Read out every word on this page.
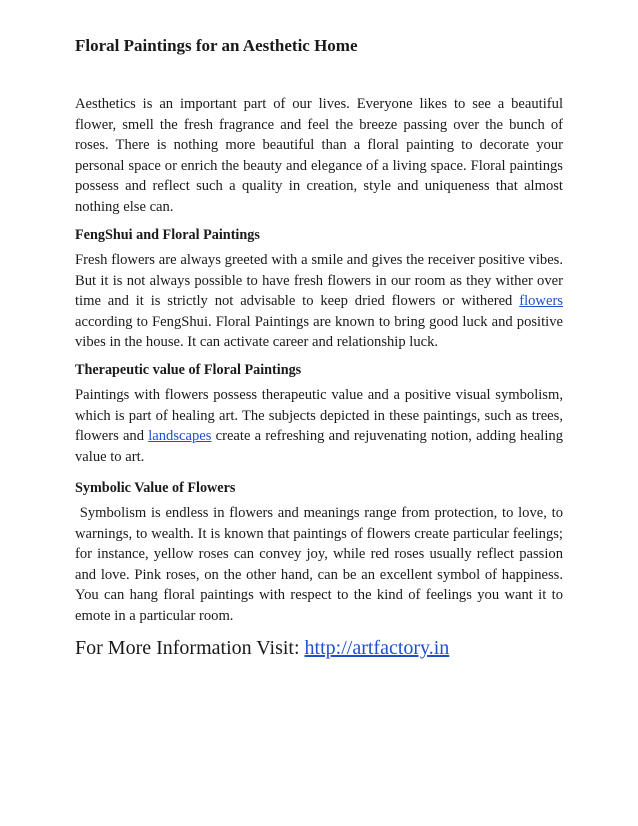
Floral Paintings for an Aesthetic Home

Aesthetics is an important part of our lives. Everyone likes to see a beautiful flower, smell the fresh fragrance and feel the breeze passing over the bunch of roses. There is nothing more beautiful than a floral painting to decorate your personal space or enrich the beauty and elegance of a living space. Floral paintings possess and reflect such a quality in creation, style and uniqueness that almost nothing else can.

FengShui and Floral Paintings

Fresh flowers are always greeted with a smile and gives the receiver positive vibes. But it is not always possible to have fresh flowers in our room as they wither over time and it is strictly not advisable to keep dried flowers or withered flowers according to FengShui. Floral Paintings are known to bring good luck and positive vibes in the house. It can activate career and relationship luck.

Therapeutic value of Floral Paintings

Paintings with flowers possess therapeutic value and a positive visual symbolism, which is part of healing art. The subjects depicted in these paintings, such as trees, flowers and landscapes create a refreshing and rejuvenating notion, adding healing value to art.

Symbolic Value of Flowers

Symbolism is endless in flowers and meanings range from protection, to love, to warnings, to wealth. It is known that paintings of flowers create particular feelings; for instance, yellow roses can convey joy, while red roses usually reflect passion and love. Pink roses, on the other hand, can be an excellent symbol of happiness. You can hang floral paintings with respect to the kind of feelings you want it to emote in a particular room.

For More Information Visit: http://artfactory.in
